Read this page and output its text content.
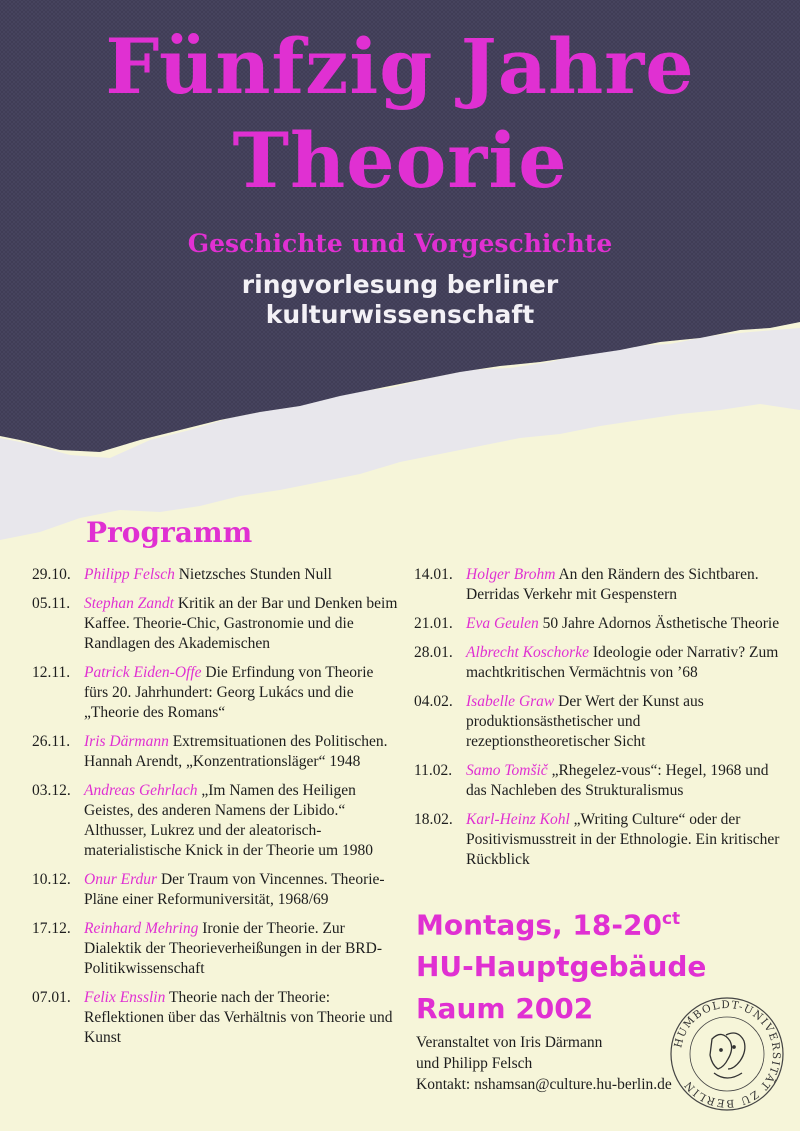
Fünfzig Jahre
Theorie
Geschichte und Vorgeschichte
ringvorlesung berliner
kulturwissenschaft
Programm
29.10. Philipp Felsch Nietzsches Stunden Null
05.11. Stephan Zandt Kritik an der Bar und Denken beim Kaffee. Theorie-Chic, Gastronomie und die Randlagen des Akademischen
12.11. Patrick Eiden-Offe Die Erfindung von Theorie fürs 20. Jahrhundert: Georg Lukács und die „Theorie des Romans“
26.11. Iris Därmann Extremsituationen des Politischen. Hannah Arendt, „Konzentrationsläger“ 1948
03.12. Andreas Gehrlach „Im Namen des Heiligen Geistes, des anderen Namens der Libido.“ Althusser, Lukrez und der aleatorisch-materialistische Knick in der Theorie um 1980
10.12. Onur Erdur Der Traum von Vincennes. Theorie-Pläne einer Reformuniversität, 1968/69
17.12. Reinhard Mehring Ironie der Theorie. Zur Dialektik der Theorieverheißungen in der BRD-Politikwissenschaft
07.01. Felix Ensslin Theorie nach der Theorie: Reflektionen über das Verhältnis von Theorie und Kunst
14.01. Holger Brohm An den Rändern des Sichtbaren. Derridas Verkehr mit Gespenstern
21.01. Eva Geulen 50 Jahre Adornos Ästhetische Theorie
28.01. Albrecht Koschorke Ideologie oder Narrativ? Zum machtkritischen Vermächtnis von ’68
04.02. Isabelle Graw Der Wert der Kunst aus produktionsästhetischer und rezeptionstheoretischer Sicht
11.02. Samo Tomšič „Rhegelez-vous“: Hegel, 1968 und das Nachleben des Strukturalismus
18.02. Karl-Heinz Kohl „Writing Culture“ oder der Positivismusstreit in der Ethnologie. Ein kritischer Rückblick
Montags, $18-20^{ct}$
HU-Hauptgebäude
Raum 2002
Veranstaltet von Iris Därmann
und Philipp Felsch
Kontakt: nshamsan@culture.hu-berlin.de
HUMBOLDT-UNIVERSITÄT ZU BERLIN
